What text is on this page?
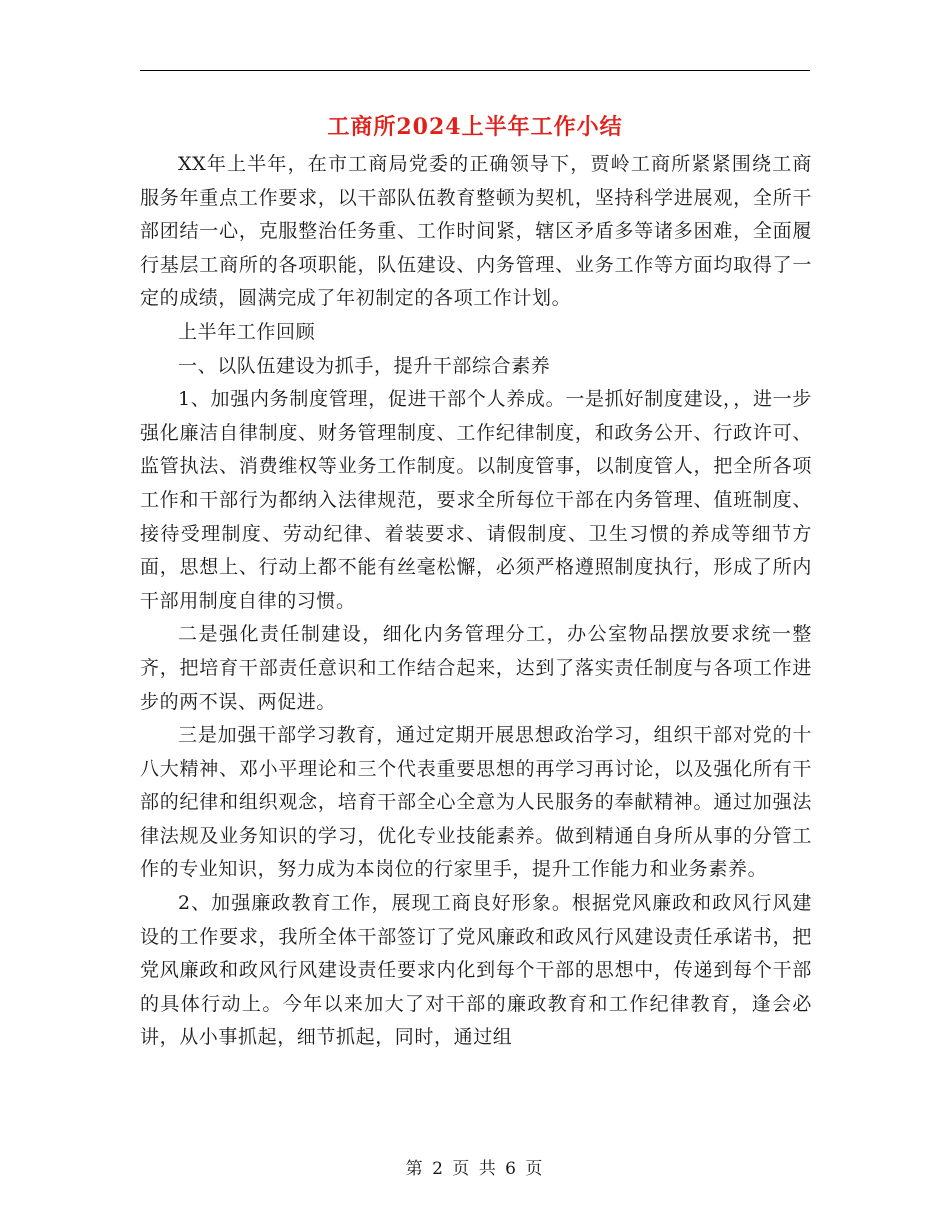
工商所2024上半年工作小结

XX年上半年，在市工商局党委的正确领导下，贾岭工商所紧紧围绕工商服务年重点工作要求，以干部队伍教育整顿为契机，坚持科学进展观，全所干部团结一心，克服整治任务重、工作时间紧，辖区矛盾多等诸多困难，全面履行基层工商所的各项职能，队伍建设、内务管理、业务工作等方面均取得了一定的成绩，圆满完成了年初制定的各项工作计划。

上半年工作回顾

一、以队伍建设为抓手，提升干部综合素养

1、加强内务制度管理，促进干部个人养成。一是抓好制度建设，，进一步强化廉洁自律制度、财务管理制度、工作纪律制度，和政务公开、行政许可、监管执法、消费维权等业务工作制度。以制度管事，以制度管人，把全所各项工作和干部行为都纳入法律规范，要求全所每位干部在内务管理、值班制度、接待受理制度、劳动纪律、着装要求、请假制度、卫生习惯的养成等细节方面，思想上、行动上都不能有丝毫松懈，必须严格遵照制度执行，形成了所内干部用制度自律的习惯。

二是强化责任制建设，细化内务管理分工，办公室物品摆放要求统一整齐，把培育干部责任意识和工作结合起来，达到了落实责任制度与各项工作进步的两不误、两促进。

三是加强干部学习教育，通过定期开展思想政治学习，组织干部对党的十八大精神、邓小平理论和三个代表重要思想的再学习再讨论，以及强化所有干部的纪律和组织观念，培育干部全心全意为人民服务的奉献精神。通过加强法律法规及业务知识的学习，优化专业技能素养。做到精通自身所从事的分管工作的专业知识，努力成为本岗位的行家里手，提升工作能力和业务素养。

2、加强廉政教育工作，展现工商良好形象。根据党风廉政和政风行风建设的工作要求，我所全体干部签订了党风廉政和政风行风建设责任承诺书，把党风廉政和政风行风建设责任要求内化到每个干部的思想中，传递到每个干部的具体行动上。今年以来加大了对干部的廉政教育和工作纪律教育，逢会必讲，从小事抓起，细节抓起，同时，通过组

第 2 页 共 6 页
